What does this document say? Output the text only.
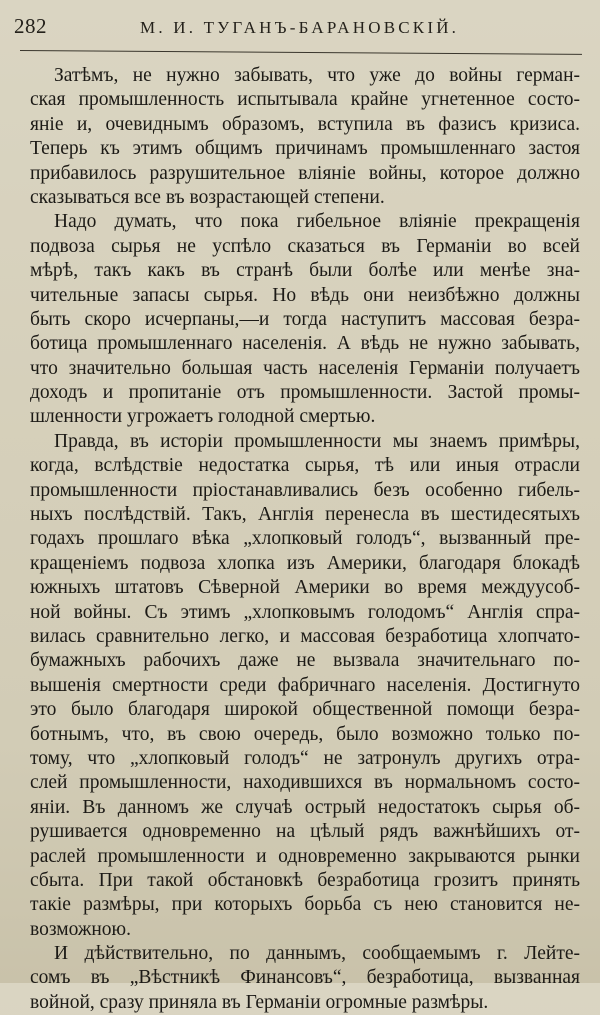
282	М. И. ТУГАНЪ-БАРАНОВСКІЙ.
Затѣмъ, не нужно забывать, что уже до войны герман-
ская промышленность испытывала крайне угнетенное состо-
яніе и, очевиднымъ образомъ, вступила въ фазисъ кризиса.
Теперь къ этимъ общимъ причинамъ промышленнаго застоя
прибавилось разрушительное вліяніе войны, которое должно
сказываться все въ возрастающей степени.
Надо думать, что пока гибельное вліяніе прекращенія
подвоза сырья не успѣло сказаться въ Германіи во всей
мѣрѣ, такъ какъ въ странѣ были болѣе или менѣе зна-
чительные запасы сырья. Но вѣдь они неизбѣжно должны
быть скоро исчерпаны,—и тогда наступитъ массовая безра-
ботица промышленнаго населенія. А вѣдь не нужно забывать,
что значительно большая часть населенія Германіи получаетъ
доходъ и пропитаніе отъ промышленности. Застой промы-
шленности угрожаетъ голодной смертью.
Правда, въ исторіи промышленности мы знаемъ примѣры,
когда, вслѣдствіе недостатка сырья, тѣ или иныя отрасли
промышленности пріостанавливались безъ особенно гибель-
ныхъ послѣдствій. Такъ, Англія перенесла въ шестидесятыхъ
годахъ прошлаго вѣка „хлопковый голодъ“, вызванный пре-
кращеніемъ подвоза хлопка изъ Америки, благодаря блокадѣ
южныхъ штатовъ Сѣверной Америки во время междуусоб-
ной войны. Съ этимъ „хлопковымъ голодомъ“ Англія спра-
вилась сравнительно легко, и массовая безработица хлопчато-
бумажныхъ рабочихъ даже не вызвала значительнаго по-
вышенія смертности среди фабричнаго населенія. Достигнуто
это было благодаря широкой общественной помощи безра-
ботнымъ, что, въ свою очередь, было возможно только по-
тому, что „хлопковый голодъ“ не затронулъ другихъ отра-
слей промышленности, находившихся въ нормальномъ состо-
яніи. Въ данномъ же случаѣ острый недостатокъ сырья об-
рушивается одновременно на цѣлый рядъ важнѣйшихъ от-
раслей промышленности и одновременно закрываются рынки
сбыта. При такой обстановкѣ безработица грозитъ принять
такіе размѣры, при которыхъ борьба съ нею становится не-
возможною.
И дѣйствительно, по даннымъ, сообщаемымъ г. Лейте-
сомъ въ „Вѣстникѣ Финансовъ“, безработица, вызванная
войной, сразу приняла въ Германіи огромные размѣры.
